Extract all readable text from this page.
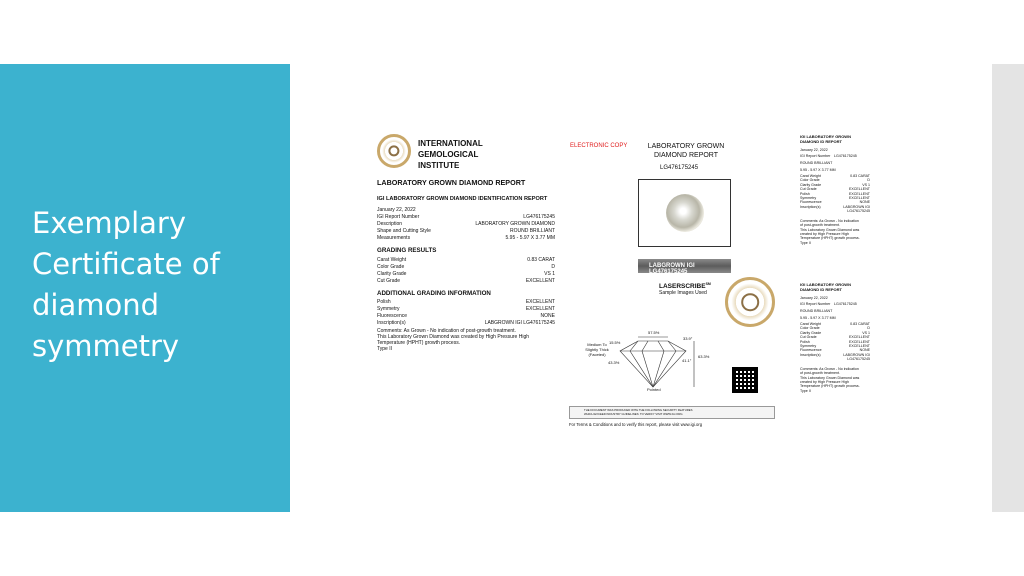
Exemplary
Certificate of
diamond
symmetry
INTERNATIONAL
GEMOLOGICAL
INSTITUTE
LABORATORY GROWN DIAMOND REPORT
IGI LABORATORY GROWN DIAMOND IDENTIFICATION REPORT
January 22, 2022
IGI Report Number	LG476175245
Description	LABORATORY GROWN DIAMOND
Shape and Cutting Style	ROUND BRILLIANT
Measurements	5.95 - 5.97 X 3.77 MM
GRADING RESULTS
Carat Weight	0.83 CARAT
Color Grade	D
Clarity Grade	VS 1
Cut Grade	EXCELLENT
ADDITIONAL GRADING INFORMATION
Polish	EXCELLENT
Symmetry	EXCELLENT
Fluorescence	NONE
Inscription(s)	LABGROWN IGI LG476175245
Comments: As Grown - No indication of post-growth treatment.
This Laboratory Grown Diamond was created by High Pressure High
Temperature (HPHT) growth process.
Type II
ELECTRONIC COPY	LABORATORY GROWN
DIAMOND REPORT
LG476175245
LABGROWN IGI LG476175245
LASERSCRIBE℠
Sample Images Used
57.5%
33.9°
15.5%
41.1°
63.3%
43.3%
Medium To
Slightly Thick
(Faceted)
Pointed
THE DOCUMENT WAS PRODUCED WITH THE FOLLOWING SECURITY FEATURES
WHICH EXCEED INDUSTRY GUIDELINES: TO VERIFY VISIT WWW.IGI.ORG
For Terms & Conditions and to verify this report, please visit www.igi.org
IGI LABORATORY GROWN
DIAMOND ID REPORT
January 22, 2022
IGI Report Number LG476175245
ROUND BRILLIANT
5.95 - 5.97 X 3.77 MM
Carat Weight	0.83 CARAT
Color Grade	D
Clarity Grade	VS 1
Cut Grade	EXCELLENT
Polish	EXCELLENT
Symmetry	EXCELLENT
Fluorescence	NONE
Inscription(s)	LABGROWN IGI
LG476175245
Comments: As Grown - No indication
of post-growth treatment.
This Laboratory Grown Diamond was
created by High Pressure High
Temperature (HPHT) growth process.
Type II
IGI LABORATORY GROWN
DIAMOND ID REPORT
January 22, 2022
IGI Report Number LG476175245
ROUND BRILLIANT
5.95 - 5.97 X 3.77 MM
Carat Weight	0.83 CARAT
Color Grade	D
Clarity Grade	VS 1
Cut Grade	EXCELLENT
Polish	EXCELLENT
Symmetry	EXCELLENT
Fluorescence	NONE
Inscription(s)	LABGROWN IGI
LG476175245
Comments: As Grown - No indication
of post-growth treatment.
This Laboratory Grown Diamond was
created by High Pressure High
Temperature (HPHT) growth process.
Type II
